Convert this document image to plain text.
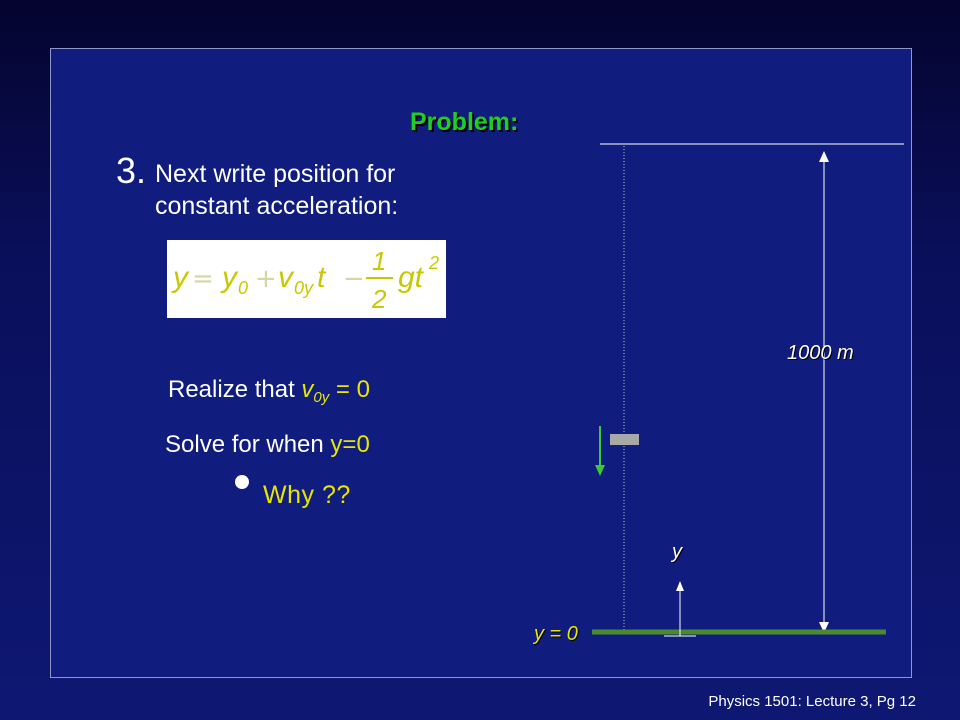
Problem:
3. Next write position for constant acceleration:
y = y 0 + v 0y t −
1
2
gt 2
Realize that $v_{0y} = 0$
Solve for when y=0
Why ??
1000 m
y
y = 0
Physics 1501: Lecture 3, Pg 12
